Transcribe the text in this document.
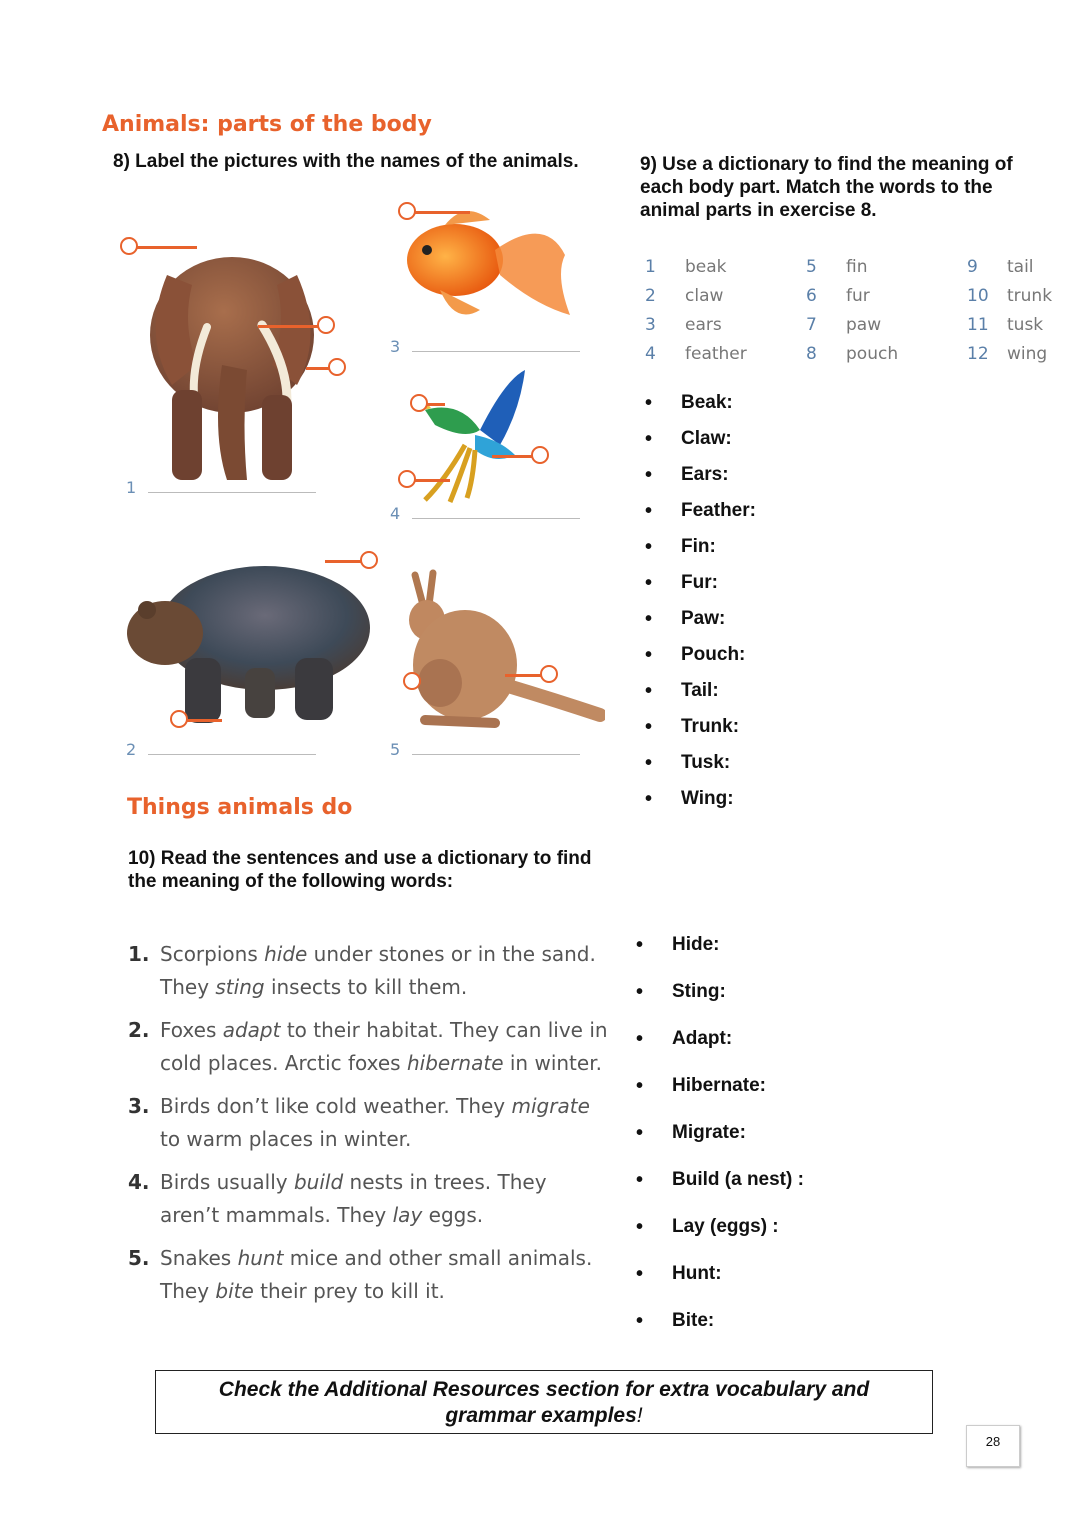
Animals: parts of the body
8) Label the pictures with the names of the animals.	9) Use a dictionary to find the meaning of each body part. Match the words to the animal parts in exercise 8.
1
3
4
2	5
1 beak
2 claw
3 ears
4 feather
5 fin
6 fur
7 paw
8 pouch
9 tail
10 trunk
11 tusk
12 wing
• Beak:
• Claw:
• Ears:
• Feather:
• Fin:
• Fur:
• Paw:
• Pouch:
• Tail:
• Trunk:
• Tusk:
• Wing:
Things animals do
10) Read the sentences and use a dictionary to find the meaning of the following words:
1. Scorpions hide under stones or in the sand.
They sting insects to kill them.
2. Foxes adapt to their habitat. They can live in
cold places. Arctic foxes hibernate in winter.
3. Birds don’t like cold weather. They migrate
to warm places in winter.
4. Birds usually build nests in trees. They
aren’t mammals. They lay eggs.
5. Snakes hunt mice and other small animals.
They bite their prey to kill it.
• Hide:
• Sting:
• Adapt:
• Hibernate:
• Migrate:
• Build (a nest) :
• Lay (eggs) :
• Hunt:
• Bite:
Check the Additional Resources section for extra vocabulary and
grammar examples!
28
